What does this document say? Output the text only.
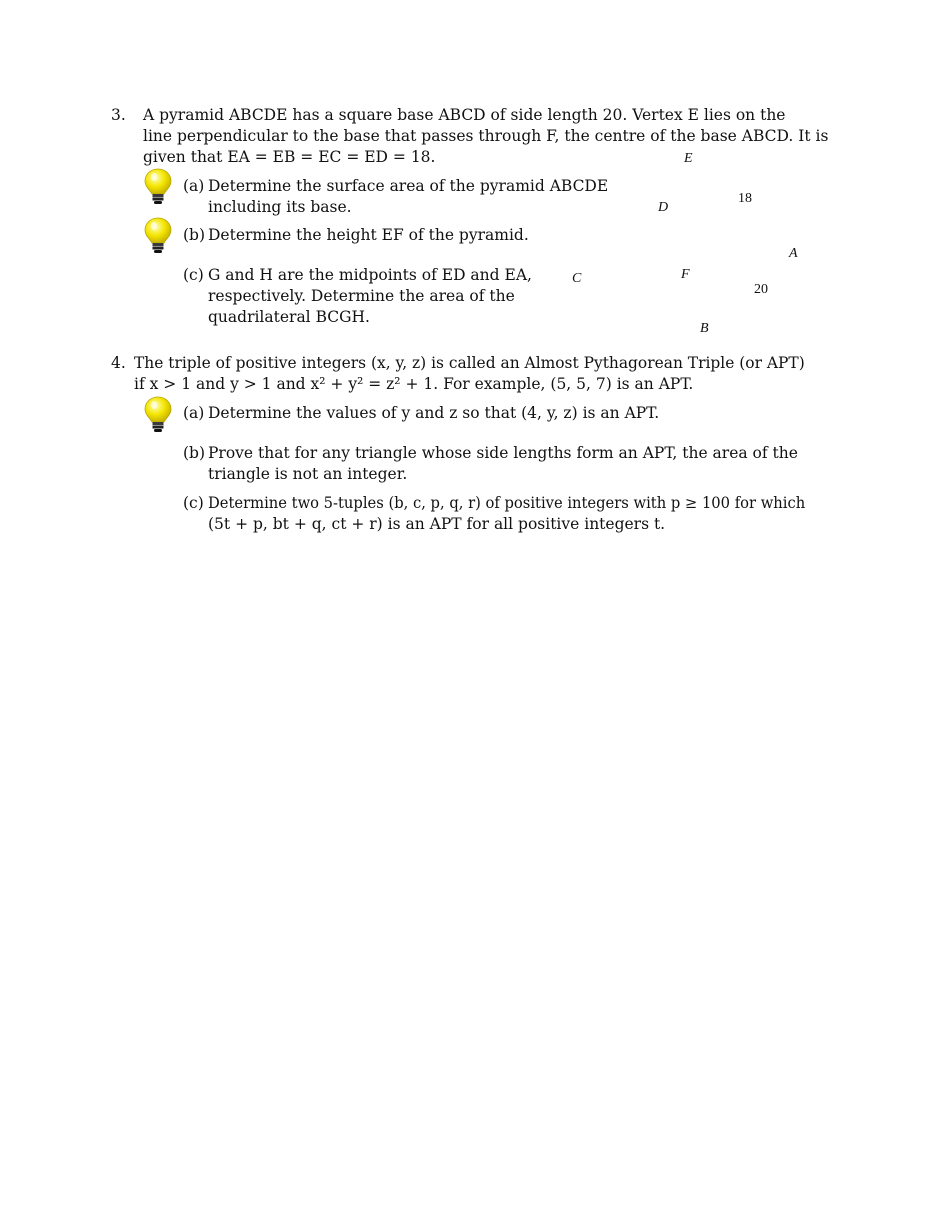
3. A pyramid ABCDE has a square base ABCD of side length 20. Vertex E lies on the
line perpendicular to the base that passes through F, the centre of the base ABCD. It is
given that EA = EB = EC = ED = 18.
(a) Determine the surface area of the pyramid ABCDE
including its base.
(b) Determine the height EF of the pyramid.
(c) G and H are the midpoints of ED and EA,
respectively. Determine the area of the
quadrilateral BCGH.
E
D
18
A
C	F
20
B
4. The triple of positive integers (x, y, z) is called an Almost Pythagorean Triple (or APT)
if x > 1 and y > 1 and x² + y² = z² + 1. For example, (5, 5, 7) is an APT.
(a) Determine the values of y and z so that (4, y, z) is an APT.
(b) Prove that for any triangle whose side lengths form an APT, the area of the
triangle is not an integer.
(c) Determine two 5-tuples (b, c, p, q, r) of positive integers with p ≥ 100 for which
(5t + p, bt + q, ct + r) is an APT for all positive integers t.
